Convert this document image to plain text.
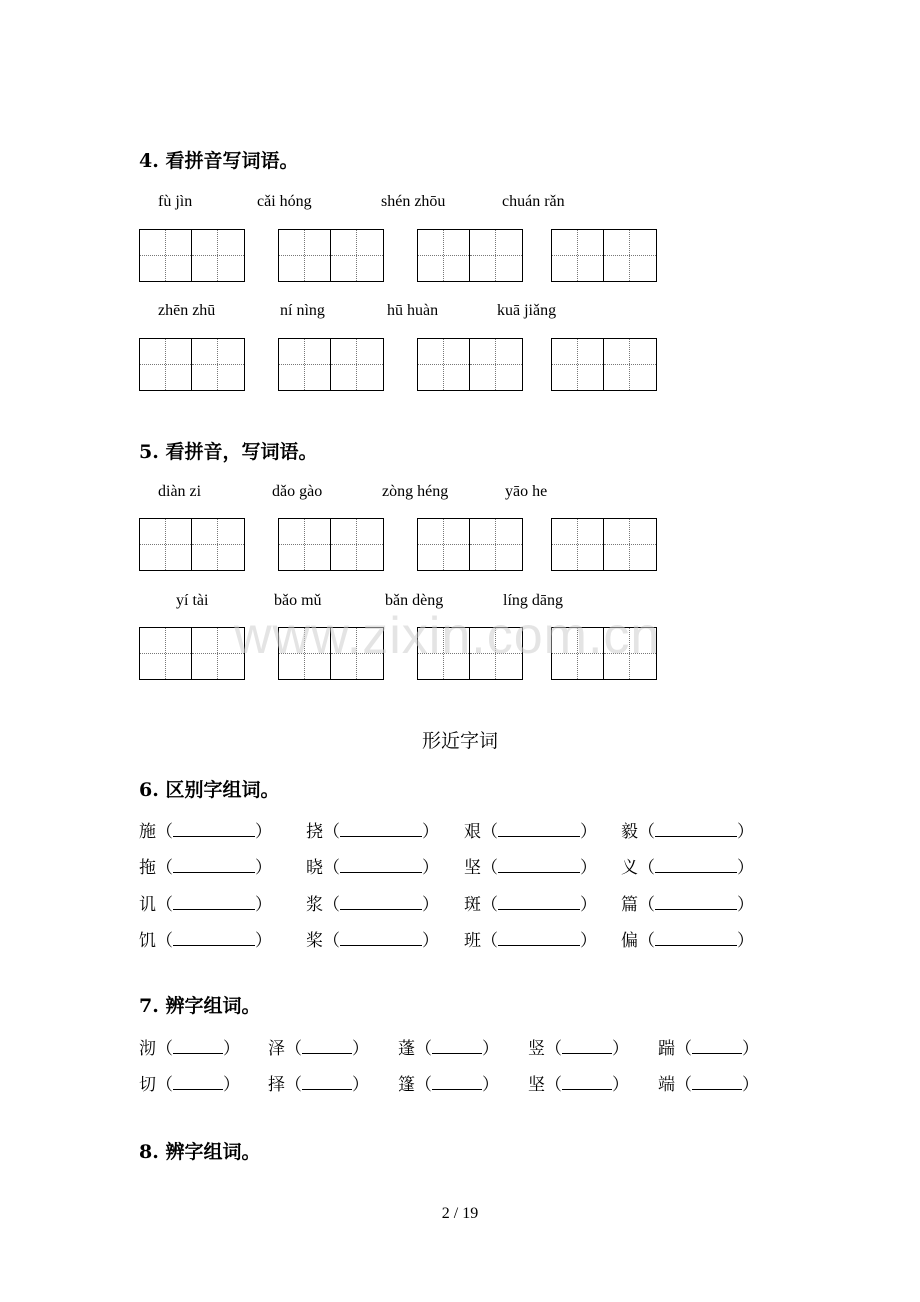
4. 看拼音写词语。
fù jìn	cǎi hóng	shén zhōu	chuán rǎn
zhēn zhū	ní nìng	hū huàn	kuā jiǎng
5. 看拼音，写词语。
diàn zi	dǎo gào	zòng héng	yāo he
yí tài	bǎo mǔ	bǎn dèng	líng dāng
www.zixin.com.cn
形近字词
6. 区别字组词。
施（	） 挠（	） 艰（	） 毅（	）
拖（	） 晓（	） 坚（	） 义（	）
讥（	） 浆（	） 斑（	） 篇（	）
饥（	） 桨（	） 班（	） 偏（	）
7. 辨字组词。
沏（	） 泽（	） 蓬（	） 竖（	） 踹（	）
切（	） 择（	） 篷（	） 坚（	） 端（	）
8. 辨字组词。
2 / 19
